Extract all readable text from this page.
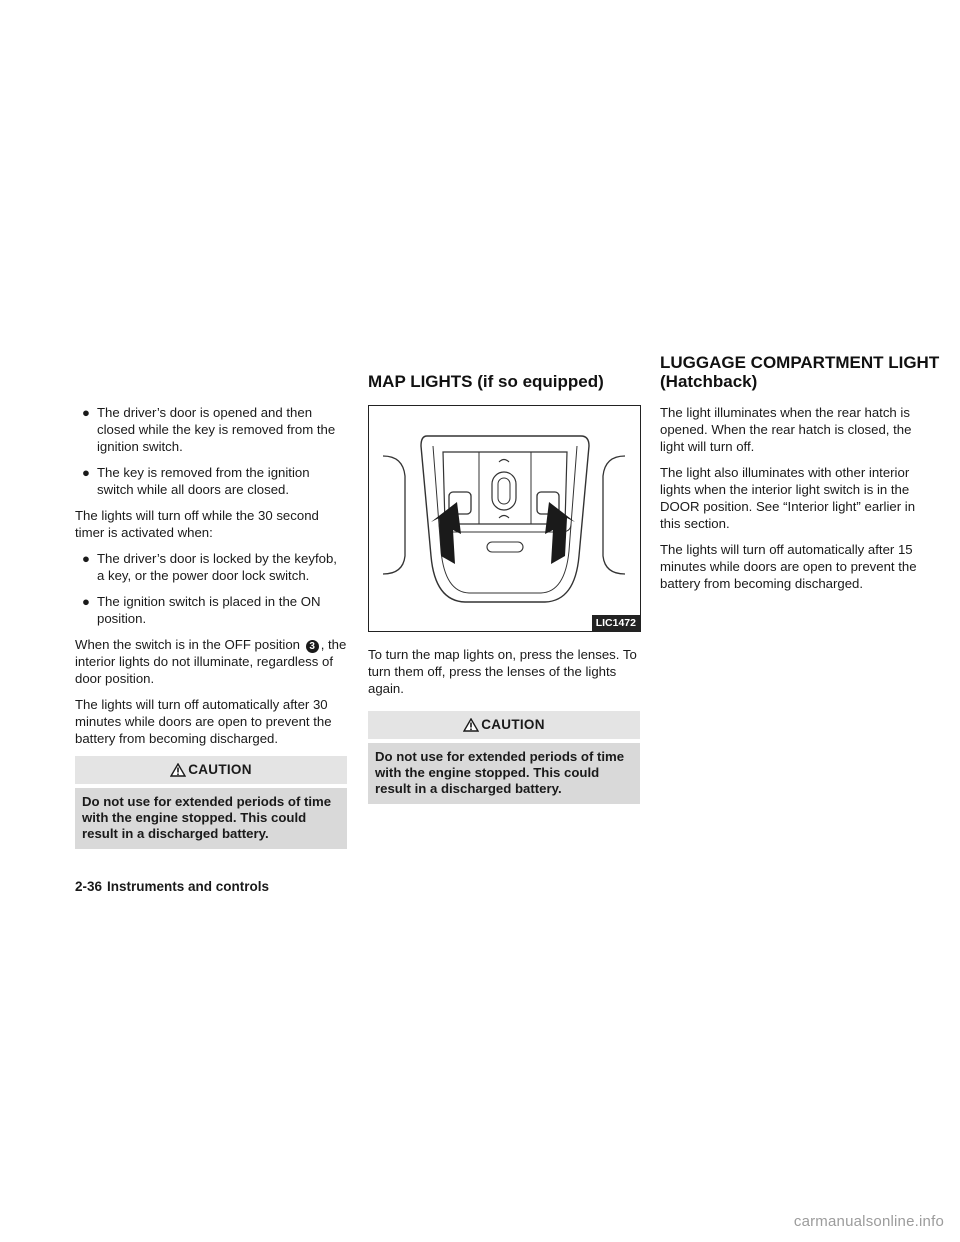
● The driver’s door is opened and then closed while the key is removed from the ignition switch.
● The key is removed from the ignition switch while all doors are closed.

The lights will turn off while the 30 second timer is activated when:

● The driver’s door is locked by the keyfob, a key, or the power door lock switch.
● The ignition switch is placed in the ON position.

When the switch is in the OFF position 3 , the interior lights do not illuminate, regardless of door position.

The lights will turn off automatically after 30 minutes while doors are open to prevent the battery from becoming discharged.

CAUTION
Do not use for extended periods of time with the engine stopped. This could result in a discharged battery.
MAP LIGHTS (if so equipped)
LIC1472

To turn the map lights on, press the lenses. To turn them off, press the lenses of the lights again.

CAUTION
Do not use for extended periods of time with the engine stopped. This could result in a discharged battery.
LUGGAGE COMPARTMENT LIGHT
(Hatchback)

The light illuminates when the rear hatch is opened. When the rear hatch is closed, the light will turn off.

The light also illuminates with other interior lights when the interior light switch is in the DOOR position. See “Interior light” earlier in this section.

The lights will turn off automatically after 15 minutes while doors are open to prevent the battery from becoming discharged.

2-36 Instruments and controls
carmanualsonline.info
